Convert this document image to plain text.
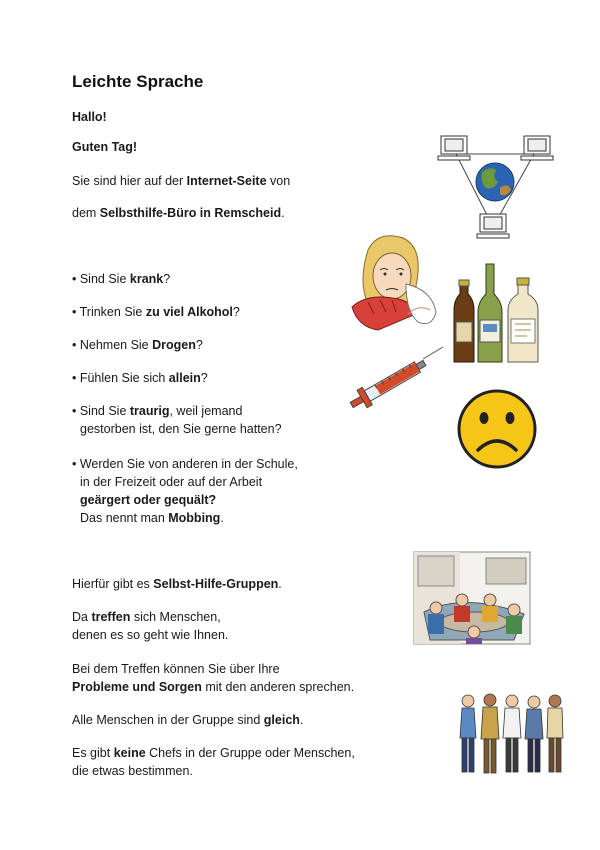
Leichte Sprache
Hallo!
Guten Tag!
Sie sind hier auf der Internet-Seite von
dem Selbsthilfe-Büro in Remscheid.
• Sind Sie krank?
• Trinken Sie zu viel Alkohol?
• Nehmen Sie Drogen?
• Fühlen Sie sich allein?
• Sind Sie traurig, weil jemand
gestorben ist, den Sie gerne hatten?
• Werden Sie von anderen in der Schule,
in der Freizeit oder auf der Arbeit
geärgert oder gequält?
Das nennt man Mobbing.
Hierfür gibt es Selbst-Hilfe-Gruppen.
Da treffen sich Menschen,
denen es so geht wie Ihnen.
Bei dem Treffen können Sie über Ihre
Probleme und Sorgen mit den anderen sprechen.
Alle Menschen in der Gruppe sind gleich.
Es gibt keine Chefs in der Gruppe oder Menschen,
die etwas bestimmen.
